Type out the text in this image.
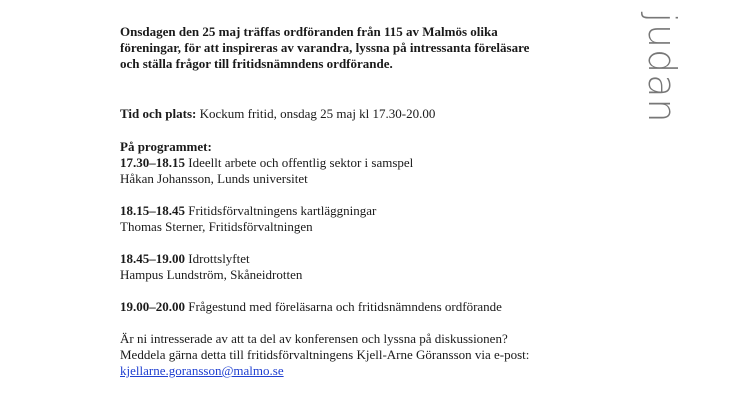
judan
Onsdagen den 25 maj träffas ordföranden från 115 av Malmös olika
föreningar, för att inspireras av varandra, lyssna på intressanta föreläsare
och ställa frågor till fritidsnämndens ordförande.
Tid och plats: Kockum fritid, onsdag 25 maj kl 17.30-20.00
På programmet:
17.30–18.15 Ideellt arbete och offentlig sektor i samspel
Håkan Johansson, Lunds universitet
18.15–18.45 Fritidsförvaltningens kartläggningar
Thomas Sterner, Fritidsförvaltningen
18.45–19.00 Idrottslyftet
Hampus Lundström, Skåneidrotten
19.00–20.00 Frågestund med föreläsarna och fritidsnämndens ordförande
Är ni intresserade av att ta del av konferensen och lyssna på diskussionen?
Meddela gärna detta till fritidsförvaltningens Kjell-Arne Göransson via e-post:
kjellarne.goransson@malmo.se
